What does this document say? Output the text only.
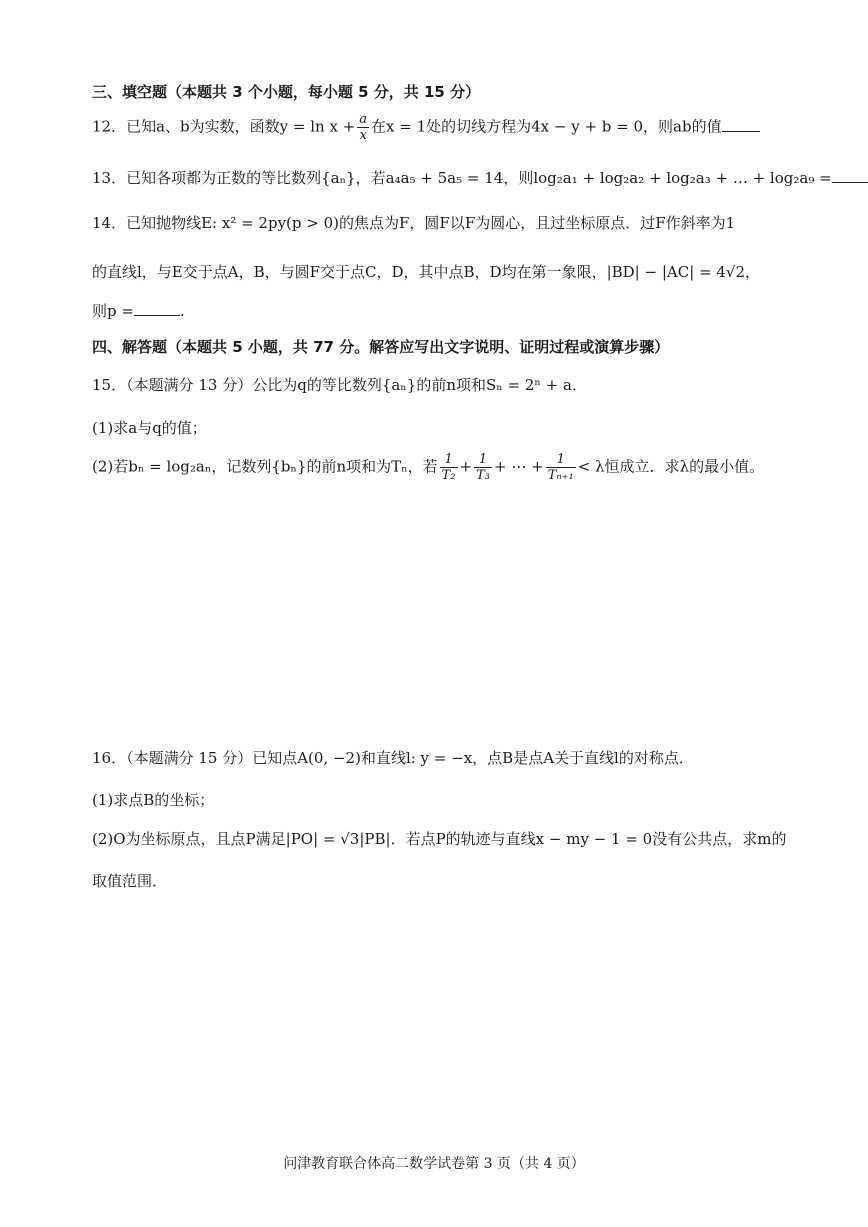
三、填空题（本题共 3 个小题，每小题 5 分，共 15 分）
12．已知a、b为实数，函数$y = \ln x + \frac{a}{x}$ 在x = 1处的切线方程为4x − y + b = 0，则ab的值
13．已知各项都为正数的等比数列{aₙ}，若a₄a₅ + 5a₅ = 14，则log₂a₁ + log₂a₂ + log₂a₃ + … + log₂a₉ =
14．已知抛物线E: x² = 2py(p > 0)的焦点为F，圆F以F为圆心，且过坐标原点．过F作斜率为1
的直线l，与E交于点A，B，与圆F交于点C，D，其中点B，D均在第一象限，|BD| − |AC| = 4√2，
则p =	.
四、解答题（本题共 5 小题，共 77 分。解答应写出文字说明、证明过程或演算步骤）
15．（本题满分 13 分）公比为q的等比数列{aₙ}的前n项和Sₙ = 2ⁿ + a．
(1)求a与q的值；
(2)若bₙ = log₂aₙ，记数列{bₙ}的前n项和为Tₙ，若 $\frac{1}{\text{T₂}} + \frac{1}{\text{T₃}}$ + ⋯ + $\frac{1}{\text{Tₙ₊₁}} < \lambda$恒成立．求λ的最小值。
16．（本题满分 15 分）已知点A(0, −2)和直线l: y = −x，点B是点A关于直线l的对称点．
(1)求点B的坐标；
(2)O为坐标原点，且点P满足|PO| = √3|PB|．若点P的轨迹与直线x − my − 1 = 0没有公共点，求m的
取值范围．
问津教育联合体高二数学试卷第 3 页（共 4 页）
